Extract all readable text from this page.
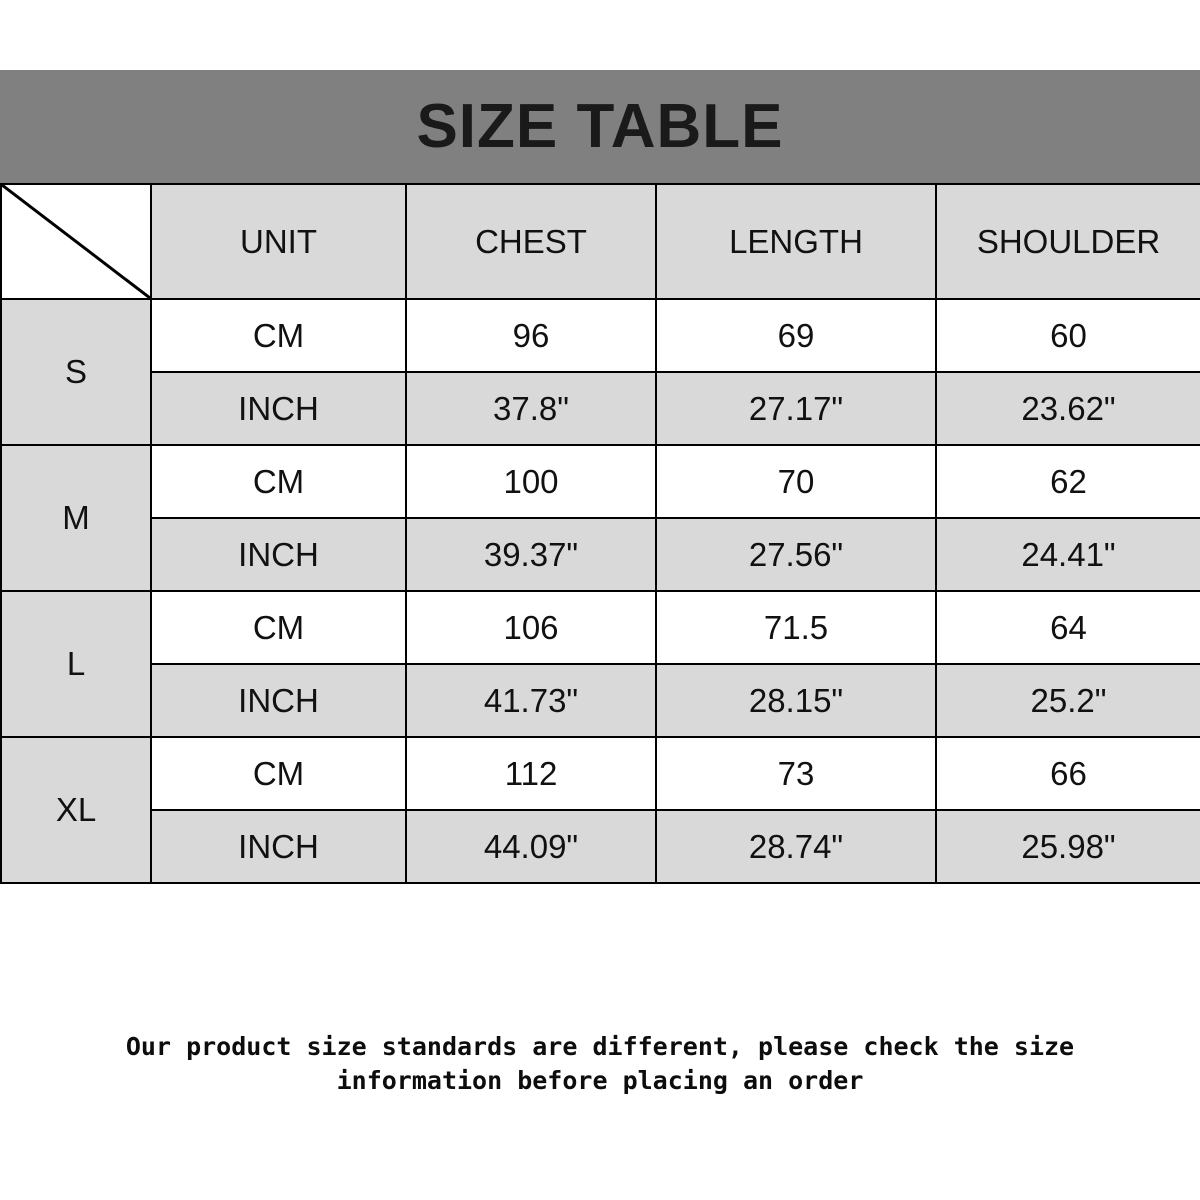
SIZE TABLE
	UNIT	CHEST	LENGTH	SHOULDER
S	CM	96	69	60
	INCH	37.8"	27.17"	23.62"
M	CM	100	70	62
	INCH	39.37"	27.56"	24.41"
L	CM	106	71.5	64
	INCH	41.73"	28.15"	25.2"
XL	CM	112	73	66
	INCH	44.09"	28.74"	25.98"
Our product size standards are different, please check the size
information before placing an order
